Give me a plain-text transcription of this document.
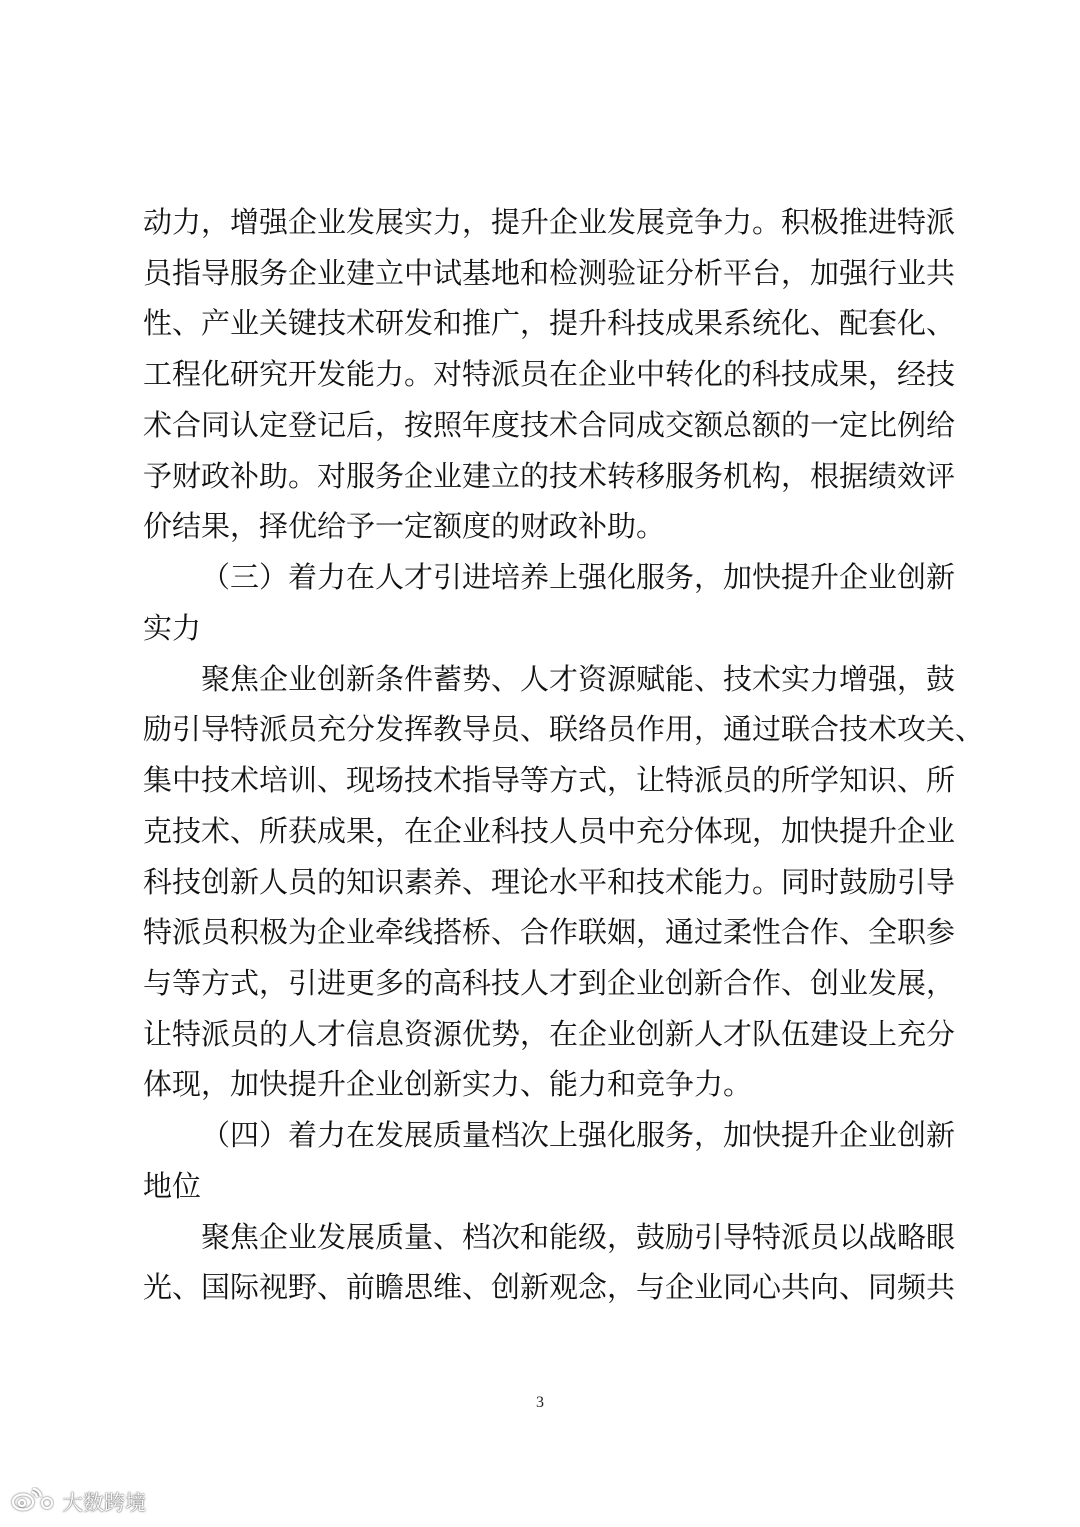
动力，增强企业发展实力，提升企业发展竞争力。积极推进特派
员指导服务企业建立中试基地和检测验证分析平台，加强行业共
性、产业关键技术研发和推广，提升科技成果系统化、配套化、
工程化研究开发能力。对特派员在企业中转化的科技成果，经技
术合同认定登记后，按照年度技术合同成交额总额的一定比例给
予财政补助。对服务企业建立的技术转移服务机构，根据绩效评
价结果，择优给予一定额度的财政补助。
（三）着力在人才引进培养上强化服务，加快提升企业创新
实力
聚焦企业创新条件蓄势、人才资源赋能、技术实力增强，鼓
励引导特派员充分发挥教导员、联络员作用，通过联合技术攻关、
集中技术培训、现场技术指导等方式，让特派员的所学知识、所
克技术、所获成果，在企业科技人员中充分体现，加快提升企业
科技创新人员的知识素养、理论水平和技术能力。同时鼓励引导
特派员积极为企业牵线搭桥、合作联姻，通过柔性合作、全职参
与等方式，引进更多的高科技人才到企业创新合作、创业发展，
让特派员的人才信息资源优势，在企业创新人才队伍建设上充分
体现，加快提升企业创新实力、能力和竞争力。
（四）着力在发展质量档次上强化服务，加快提升企业创新
地位
聚焦企业发展质量、档次和能级，鼓励引导特派员以战略眼
光、国际视野、前瞻思维、创新观念，与企业同心共向、同频共
3
大数跨境
